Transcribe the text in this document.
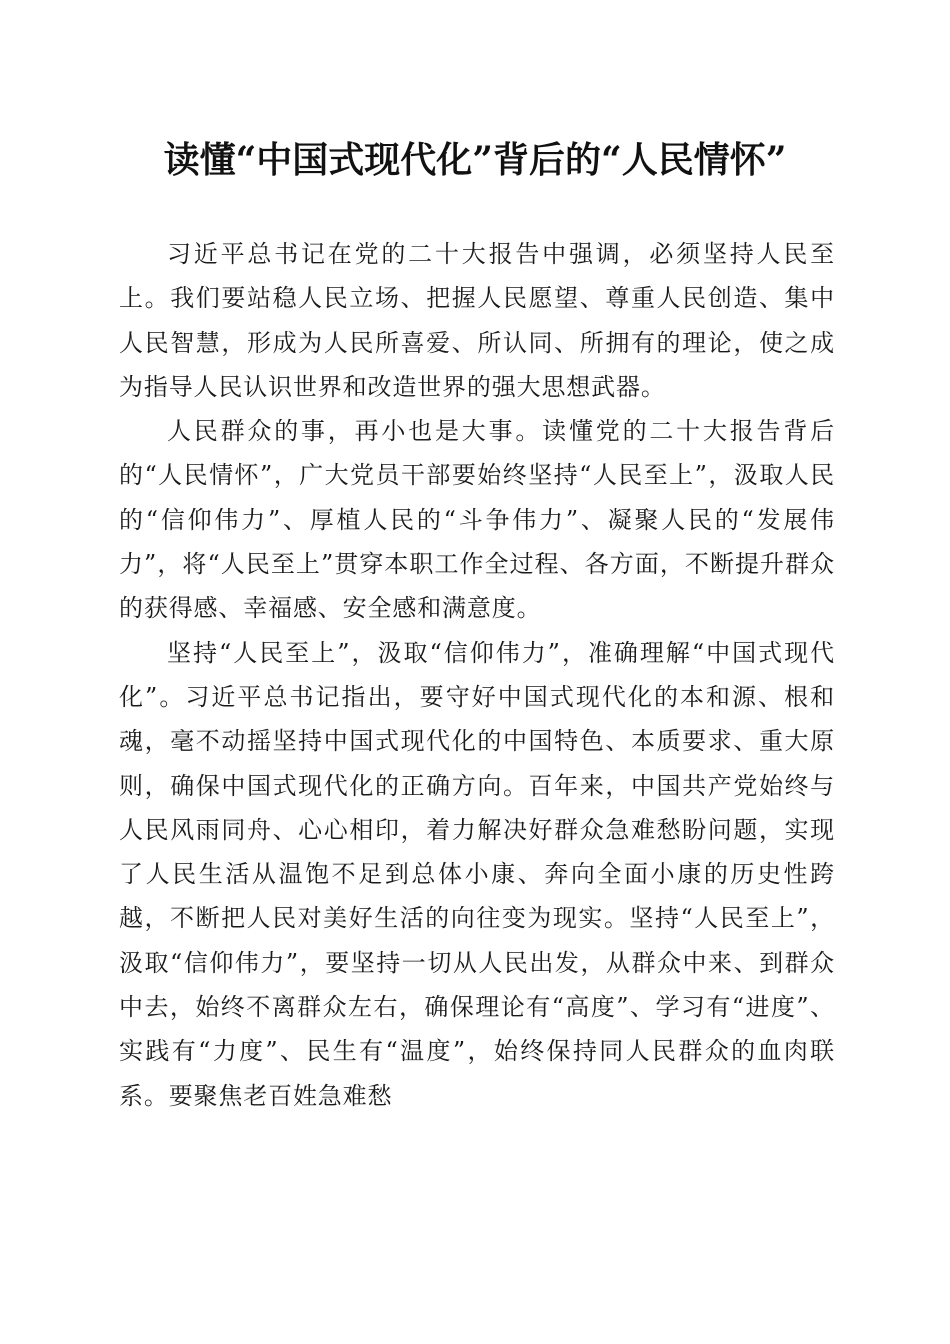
读懂“中国式现代化”背后的“人民情怀”

习近平总书记在党的二十大报告中强调，必须坚持人民至上。我们要站稳人民立场、把握人民愿望、尊重人民创造、集中人民智慧，形成为人民所喜爱、所认同、所拥有的理论，使之成为指导人民认识世界和改造世界的强大思想武器。

人民群众的事，再小也是大事。读懂党的二十大报告背后的“人民情怀”，广大党员干部要始终坚持“人民至上”，汲取人民的“信仰伟力”、厚植人民的“斗争伟力”、凝聚人民的“发展伟力”，将“人民至上”贯穿本职工作全过程、各方面，不断提升群众的获得感、幸福感、安全感和满意度。

坚持“人民至上”，汲取“信仰伟力”，准确理解“中国式现代化”。习近平总书记指出，要守好中国式现代化的本和源、根和魂，毫不动摇坚持中国式现代化的中国特色、本质要求、重大原则，确保中国式现代化的正确方向。百年来，中国共产党始终与人民风雨同舟、心心相印，着力解决好群众急难愁盼问题，实现了人民生活从温饱不足到总体小康、奔向全面小康的历史性跨越，不断把人民对美好生活的向往变为现实。坚持“人民至上”，汲取“信仰伟力”，要坚持一切从人民出发，从群众中来、到群众中去，始终不离群众左右，确保理论有“高度”、学习有“进度”、实践有“力度”、民生有“温度”，始终保持同人民群众的血肉联系。要聚焦老百姓急难愁
